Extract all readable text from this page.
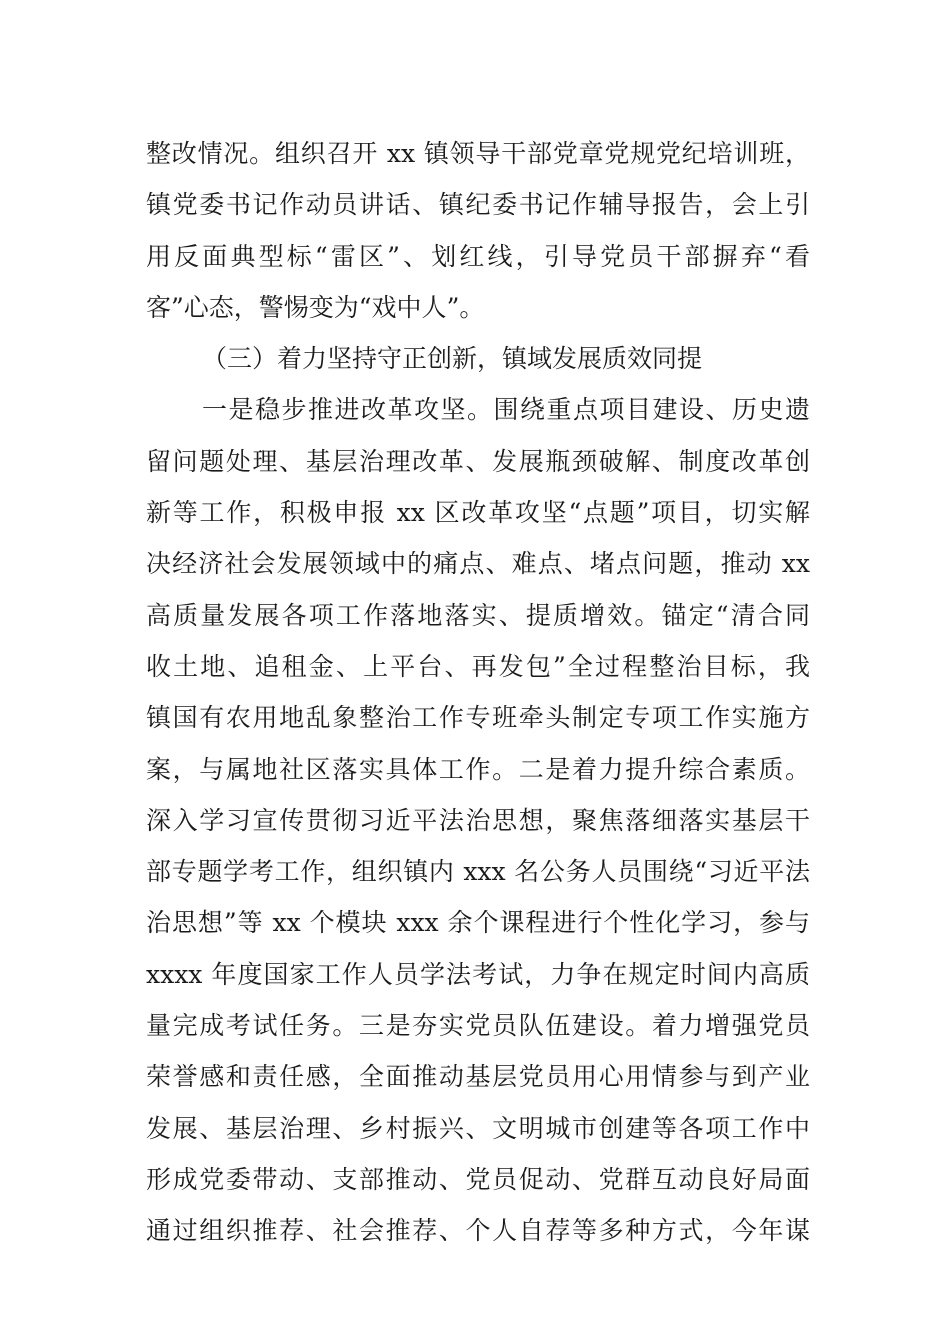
整改情况。组织召开 xx 镇领导干部党章党规党纪培训班，
镇党委书记作动员讲话、镇纪委书记作辅导报告，会上引
用反面典型标“雷区”、划红线，引导党员干部摒弃“看
客”心态，警惕变为“戏中人”。
（三）着力坚持守正创新，镇域发展质效同提
一是稳步推进改革攻坚。围绕重点项目建设、历史遗
留问题处理、基层治理改革、发展瓶颈破解、制度改革创
新等工作，积极申报 xx 区改革攻坚“点题”项目，切实解
决经济社会发展领域中的痛点、难点、堵点问题，推动 xx
高质量发展各项工作落地落实、提质增效。锚定“清合同
收土地、追租金、上平台、再发包”全过程整治目标，我
镇国有农用地乱象整治工作专班牵头制定专项工作实施方
案，与属地社区落实具体工作。二是着力提升综合素质。
深入学习宣传贯彻习近平法治思想，聚焦落细落实基层干
部专题学考工作，组织镇内 xxx 名公务人员围绕“习近平法
治思想”等 xx 个模块 xxx 余个课程进行个性化学习，参与
xxxx 年度国家工作人员学法考试，力争在规定时间内高质
量完成考试任务。三是夯实党员队伍建设。着力增强党员
荣誉感和责任感，全面推动基层党员用心用情参与到产业
发展、基层治理、乡村振兴、文明城市创建等各项工作中
形成党委带动、支部推动、党员促动、党群互动良好局面
通过组织推荐、社会推荐、个人自荐等多种方式，今年谋
